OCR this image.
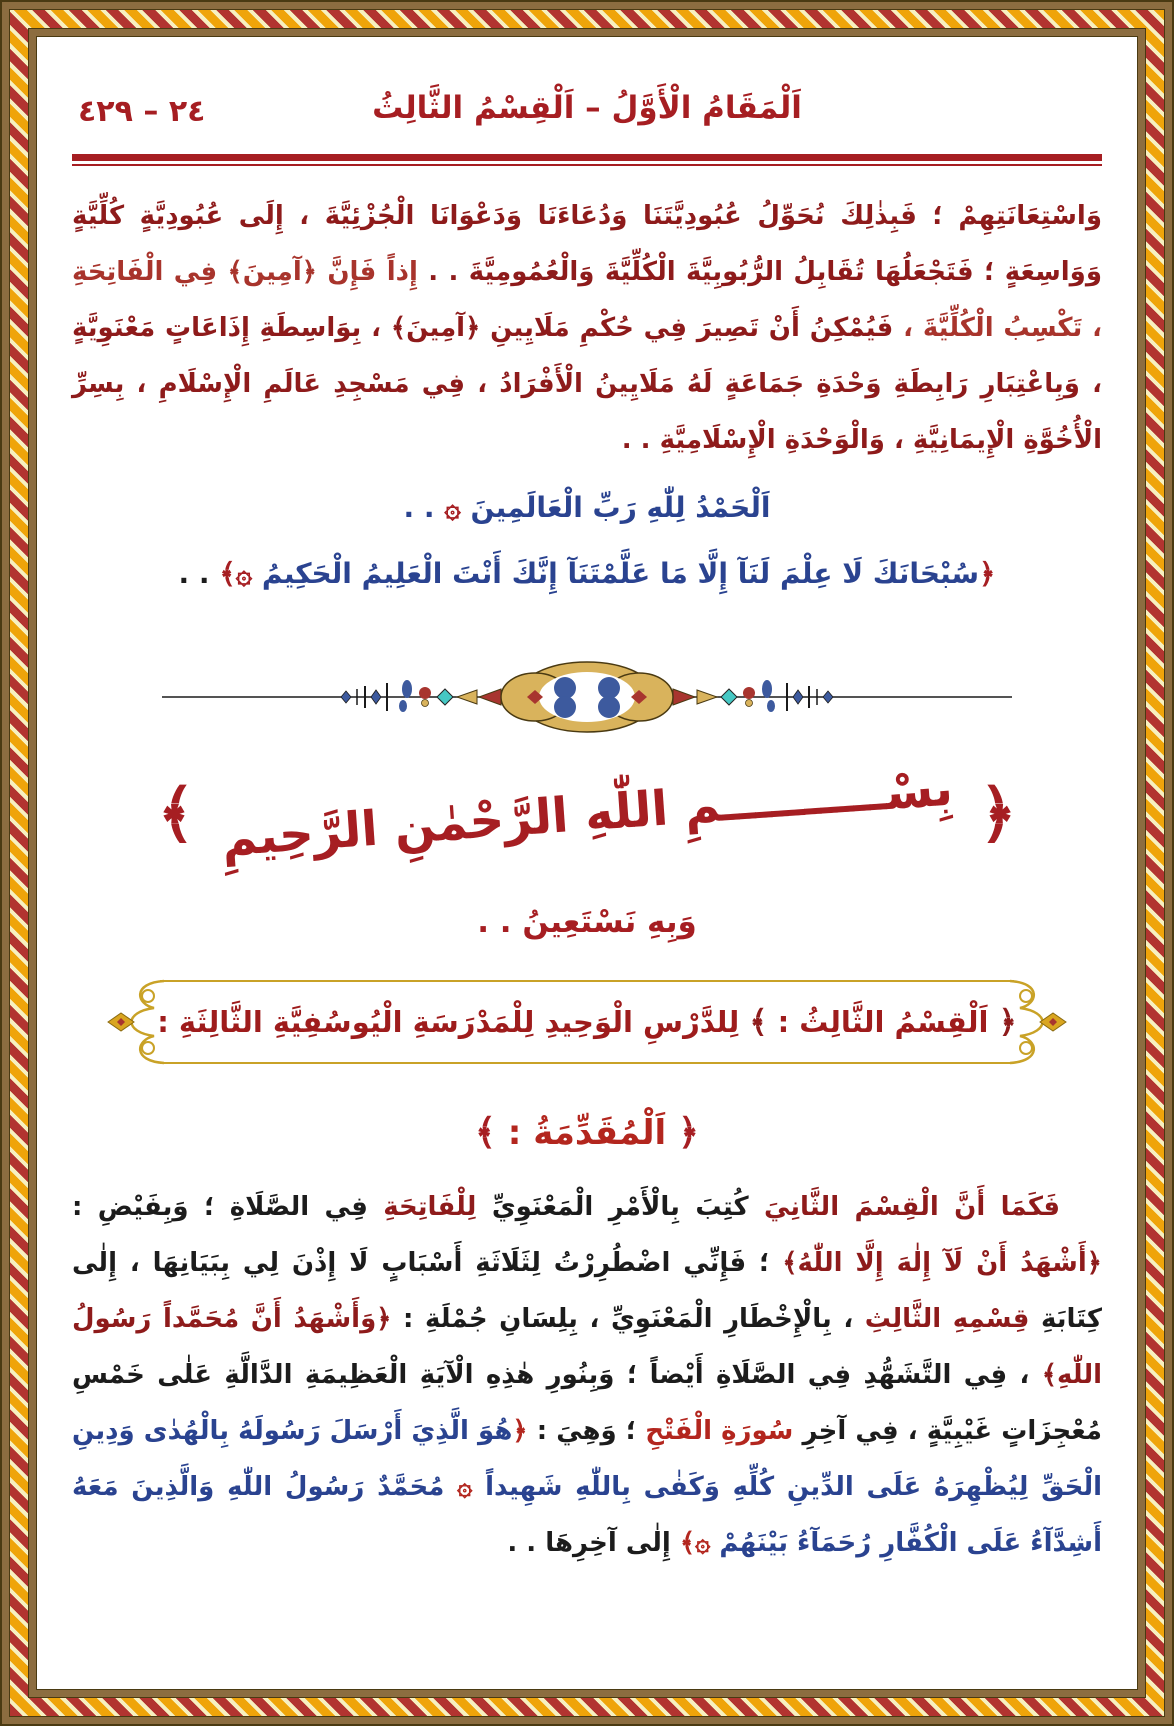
٢٤ – ٤٢٩	اَلْمَقَامُ الْأَوَّلُ – اَلْقِسْمُ الثَّالِثُ

وَاسْتِعَانَتِهِمْ ؛ فَبِذٰلِكَ نُحَوِّلُ عُبُودِيَّتَنَا وَدُعَاءَنَا وَدَعْوَانَا الْجُزْئِيَّةَ ، إِلَى عُبُودِيَّةٍ كُلِّيَّةٍ وَوَاسِعَةٍ ؛ فَتَجْعَلُهَا تُقَابِلُ الرُّبُوبِيَّةَ الْكُلِّيَّةَ وَالْعُمُومِيَّةَ . . إِذاً فَإِنَّ ﴿آمِينَ﴾ فِي الْفَاتِحَةِ ، تَكْسِبُ الْكُلِّيَّةَ ، فَيُمْكِنُ أَنْ تَصِيرَ فِي حُكْمِ مَلَايِينِ ﴿آمِينَ﴾ ، بِوَاسِطَةِ إِذَاعَاتٍ مَعْنَوِيَّةٍ ، وَبِاعْتِبَارِ رَابِطَةِ وَحْدَةِ جَمَاعَةٍ لَهُ مَلَايِينُ الْأَفْرَادُ ، فِي مَسْجِدِ عَالَمِ الْإِسْلَامِ ، بِسِرِّ الْأُخُوَّةِ الْإِيمَانِيَّةِ ، وَالْوَحْدَةِ الْإِسْلَامِيَّةِ . .

اَلْحَمْدُ لِلّٰهِ رَبِّ الْعَالَمِينَ ۞ . .
﴿سُبْحَانَكَ لَا عِلْمَ لَنَآ إِلَّا مَا عَلَّمْتَنَآ إِنَّكَ أَنْتَ الْعَلِيمُ الْحَكِيمُ ۞﴾ . .
﴿
بِسْــــــــــمِ اللّٰهِ الرَّحْمٰنِ الرَّحِيمِ
﴾
وَبِهِ نَسْتَعِينُ . .
﴿ اَلْقِسْمُ الثَّالِثُ : ﴾ لِلدَّرْسِ الْوَحِيدِ لِلْمَدْرَسَةِ الْيُوسُفِيَّةِ الثَّالِثَةِ :
﴿ اَلْمُقَدِّمَةُ : ﴾

فَكَمَا أَنَّ الْقِسْمَ الثَّانِيَ كُتِبَ بِالْأَمْرِ الْمَعْنَوِيِّ لِلْفَاتِحَةِ فِي الصَّلَاةِ ؛ وَبِفَيْضِ : ﴿أَشْهَدُ أَنْ لَآ إِلٰهَ إِلَّا اللّٰهُ﴾ ؛ فَإِنِّي اضْطُرِرْتُ لِثَلَاثَةِ أَسْبَابٍ لَا إِذْنَ لِي بِبَيَانِهَا ، إِلٰى كِتَابَةِ قِسْمِهِ الثَّالِثِ ، بِالْإِخْطَارِ الْمَعْنَوِيِّ ، بِلِسَانِ جُمْلَةِ : ﴿وَأَشْهَدُ أَنَّ مُحَمَّداً رَسُولُ اللّٰهِ﴾ ، فِي التَّشَهُّدِ فِي الصَّلَاةِ أَيْضاً ؛ وَبِنُورِ هٰذِهِ الْآيَةِ الْعَظِيمَةِ الدَّالَّةِ عَلٰى خَمْسِ مُعْجِزَاتٍ غَيْبِيَّةٍ ، فِي آخِرِ سُورَةِ الْفَتْحِ ؛ وَهِيَ : ﴿هُوَ الَّذِيَ أَرْسَلَ رَسُولَهُ بِالْهُدٰى وَدِينِ الْحَقِّ لِيُظْهِرَهُ عَلَى الدِّينِ كُلِّهِ وَكَفٰى بِاللّٰهِ شَهِيداً ۞ مُحَمَّدٌ رَسُولُ اللّٰهِ وَالَّذِينَ مَعَهُ أَشِدَّآءُ عَلَى الْكُفَّارِ رُحَمَآءُ بَيْنَهُمْ ۞﴾ إِلٰى آخِرِهَا . .
